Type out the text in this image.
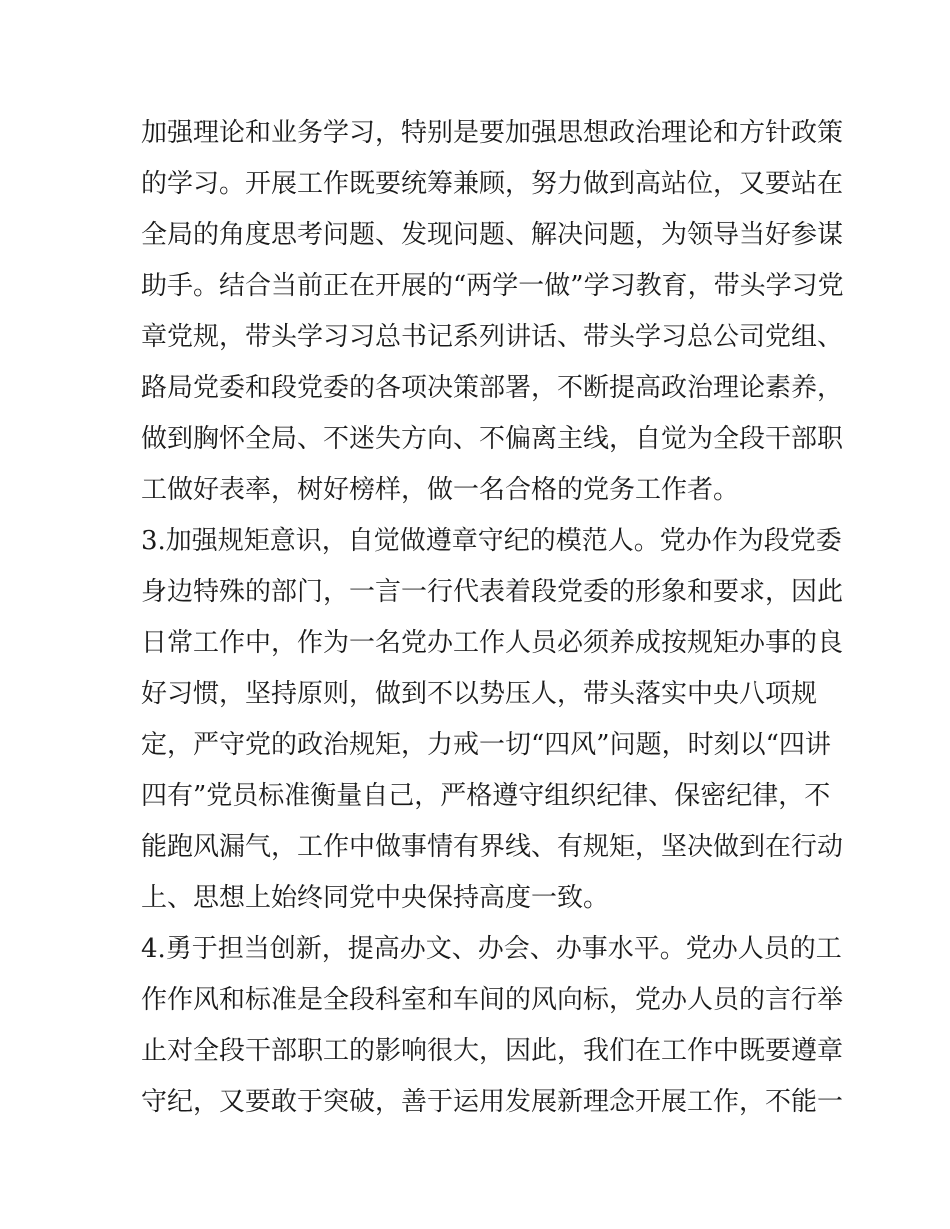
加强理论和业务学习，特别是要加强思想政治理论和方针政策
的学习。开展工作既要统筹兼顾，努力做到高站位，又要站在
全局的角度思考问题、发现问题、解决问题，为领导当好参谋
助手。结合当前正在开展的“两学一做”学习教育，带头学习党
章党规，带头学习习总书记系列讲话、带头学习总公司党组、
路局党委和段党委的各项决策部署，不断提高政治理论素养，
做到胸怀全局、不迷失方向、不偏离主线，自觉为全段干部职
工做好表率，树好榜样，做一名合格的党务工作者。
3.加强规矩意识，自觉做遵章守纪的模范人。党办作为段党委
身边特殊的部门，一言一行代表着段党委的形象和要求，因此
日常工作中，作为一名党办工作人员必须养成按规矩办事的良
好习惯，坚持原则，做到不以势压人，带头落实中央八项规
定，严守党的政治规矩，力戒一切“四风”问题，时刻以“四讲
四有”党员标准衡量自己，严格遵守组织纪律、保密纪律，不
能跑风漏气，工作中做事情有界线、有规矩，坚决做到在行动
上、思想上始终同党中央保持高度一致。
4.勇于担当创新，提高办文、办会、办事水平。党办人员的工
作作风和标准是全段科室和车间的风向标，党办人员的言行举
止对全段干部职工的影响很大，因此，我们在工作中既要遵章
守纪，又要敢于突破，善于运用发展新理念开展工作，不能一
